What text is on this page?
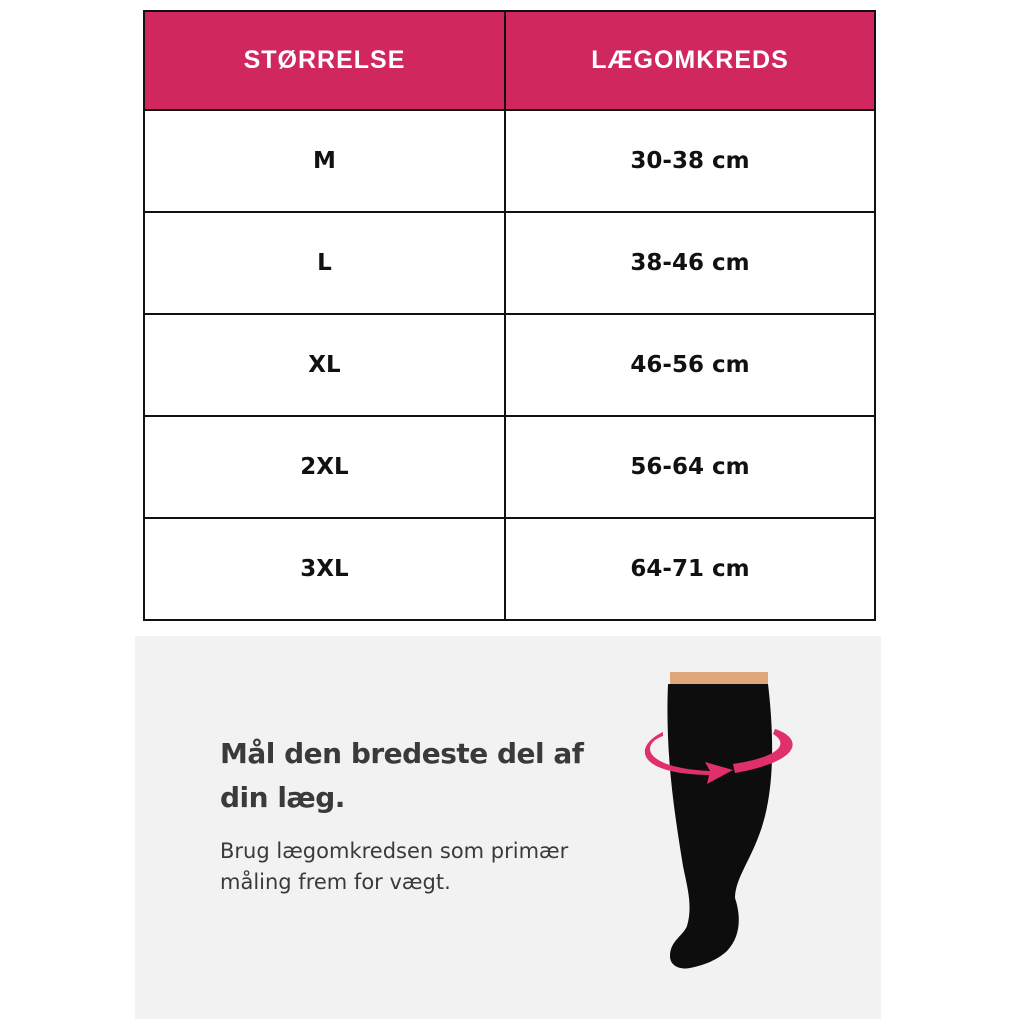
STØRRELSE	LÆGOMKREDS
M	30-38 cm
L	38-46 cm
XL	46-56 cm
2XL	56-64 cm
3XL	64-71 cm
Mål den bredeste del af din læg.
Brug lægomkredsen som primær måling frem for vægt.
